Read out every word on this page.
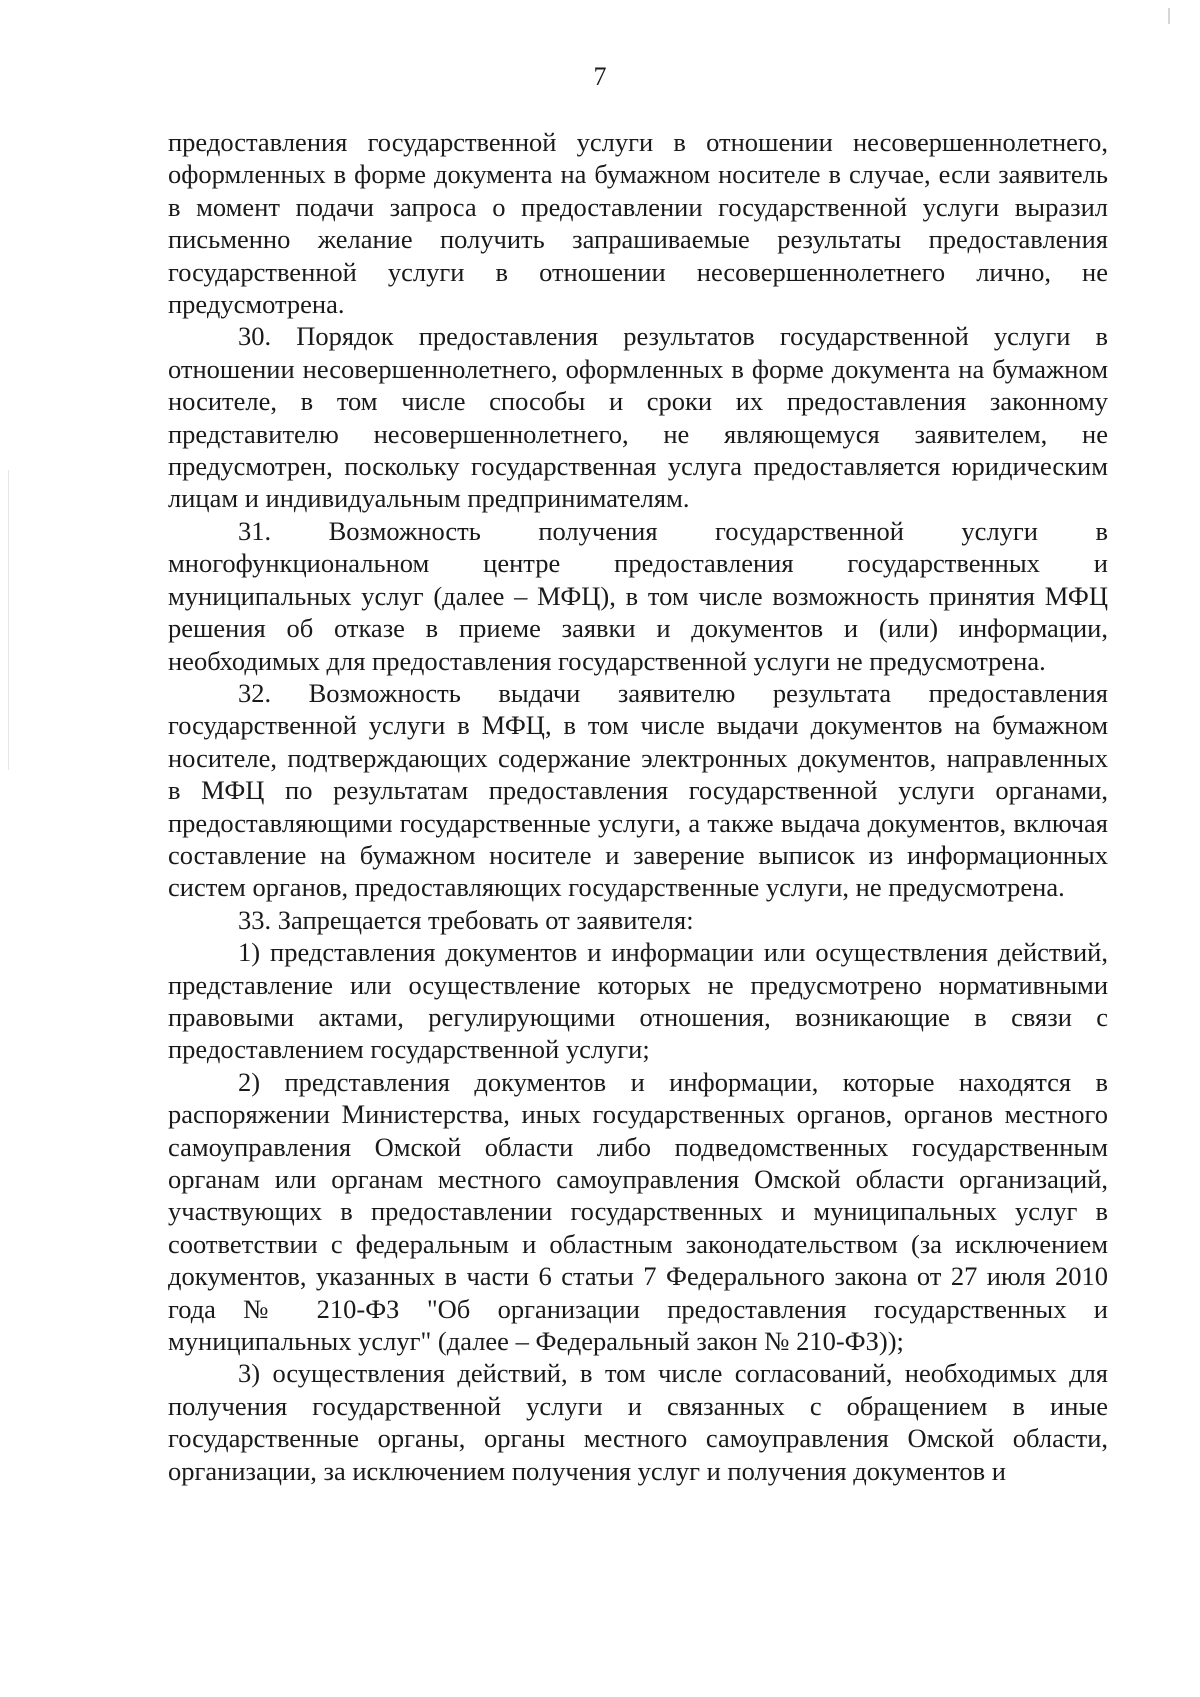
7

предоставления государственной услуги в отношении несовершеннолетнего, оформленных в форме документа на бумажном носителе в случае, если заявитель в момент подачи запроса о предоставлении государственной услуги выразил письменно желание получить запрашиваемые результаты предоставления государственной услуги в отношении несовершеннолетнего лично, не предусмотрена.

30. Порядок предоставления результатов государственной услуги в отношении несовершеннолетнего, оформленных в форме документа на бумажном носителе, в том числе способы и сроки их предоставления законному представителю несовершеннолетнего, не являющемуся заявителем, не предусмотрен, поскольку государственная услуга предоставляется юридическим лицам и индивидуальным предпринимателям.

31. Возможность получения государственной услуги в многофункциональном центре предоставления государственных и муниципальных услуг (далее – МФЦ), в том числе возможность принятия МФЦ решения об отказе в приеме заявки и документов и (или) информации, необходимых для предоставления государственной услуги не предусмотрена.

32. Возможность выдачи заявителю результата предоставления государственной услуги в МФЦ, в том числе выдачи документов на бумажном носителе, подтверждающих содержание электронных документов, направленных в МФЦ по результатам предоставления государственной услуги органами, предоставляющими государственные услуги, а также выдача документов, включая составление на бумажном носителе и заверение выписок из информационных систем органов, предоставляющих государственные услуги, не предусмотрена.

33. Запрещается требовать от заявителя:

1) представления документов и информации или осуществления действий, представление или осуществление которых не предусмотрено нормативными правовыми актами, регулирующими отношения, возникающие в связи с предоставлением государственной услуги;

2) представления документов и информации, которые находятся в распоряжении Министерства, иных государственных органов, органов местного самоуправления Омской области либо подведомственных государственным органам или органам местного самоуправления Омской области организаций, участвующих в предоставлении государственных и муниципальных услуг в соответствии с федеральным и областным законодательством (за исключением документов, указанных в части 6 статьи 7 Федерального закона от 27 июля 2010 года № 210-ФЗ "Об организации предоставления государственных и муниципальных услуг" (далее – Федеральный закон № 210-ФЗ));

3) осуществления действий, в том числе согласований, необходимых для получения государственной услуги и связанных с обращением в иные государственные органы, органы местного самоуправления Омской области, организации, за исключением получения услуг и получения документов и
